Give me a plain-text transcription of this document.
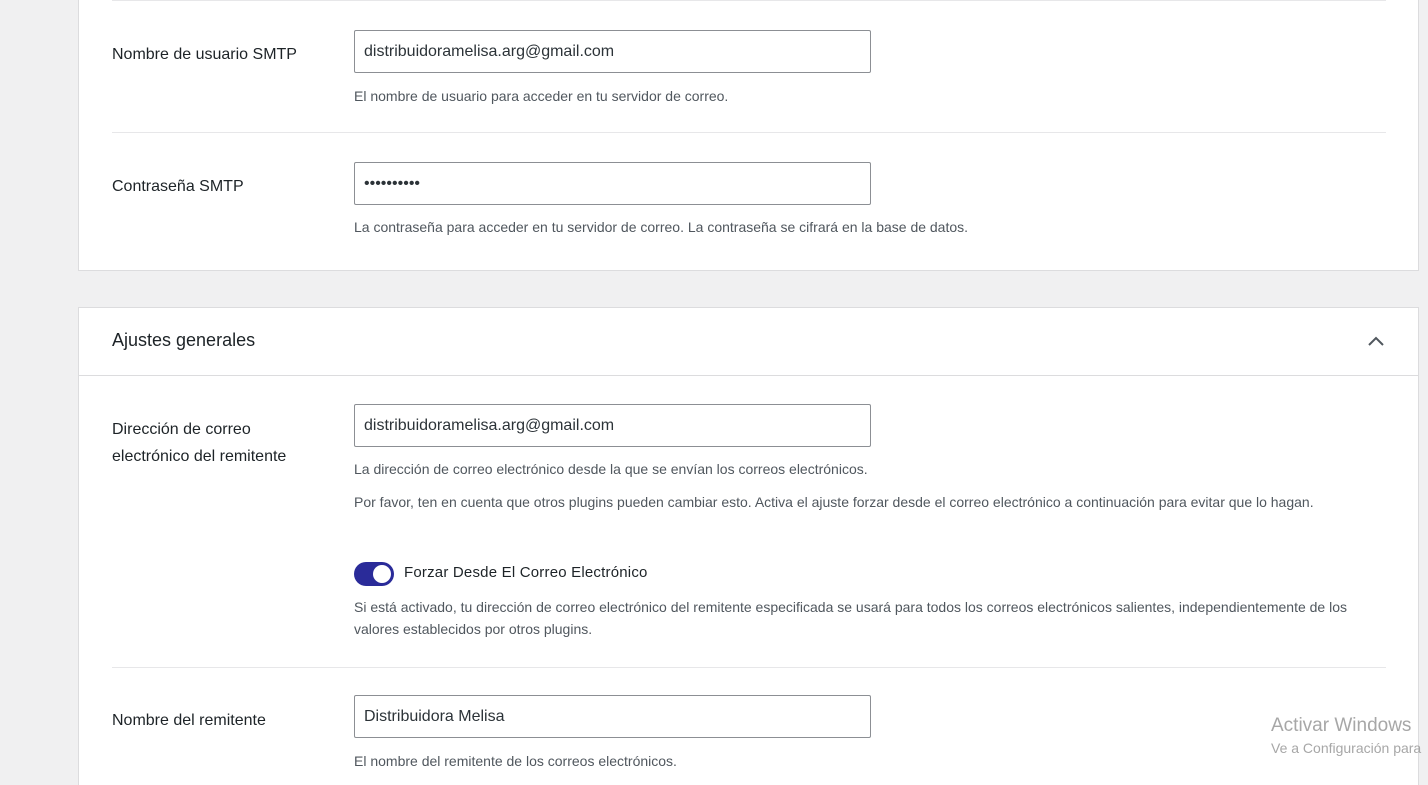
Nombre de usuario SMTP
distribuidoramelisa.arg@gmail.com

El nombre de usuario para acceder en tu servidor de correo.

Contraseña SMTP
••••••••••

La contraseña para acceder en tu servidor de correo. La contraseña se cifrará en la base de datos.

Ajustes generales
Dirección de correo electrónico del remitente
distribuidoramelisa.arg@gmail.com

La dirección de correo electrónico desde la que se envían los correos electrónicos.

Por favor, ten en cuenta que otros plugins pueden cambiar esto. Activa el ajuste forzar desde el correo electrónico a continuación para evitar que lo hagan.

Forzar Desde El Correo Electrónico

Si está activado, tu dirección de correo electrónico del remitente especificada se usará para todos los correos electrónicos salientes, independientemente de los valores establecidos por otros plugins.

Nombre del remitente
Distribuidora Melisa

El nombre del remitente de los correos electrónicos.

Activar Windows
Ve a Configuración para
